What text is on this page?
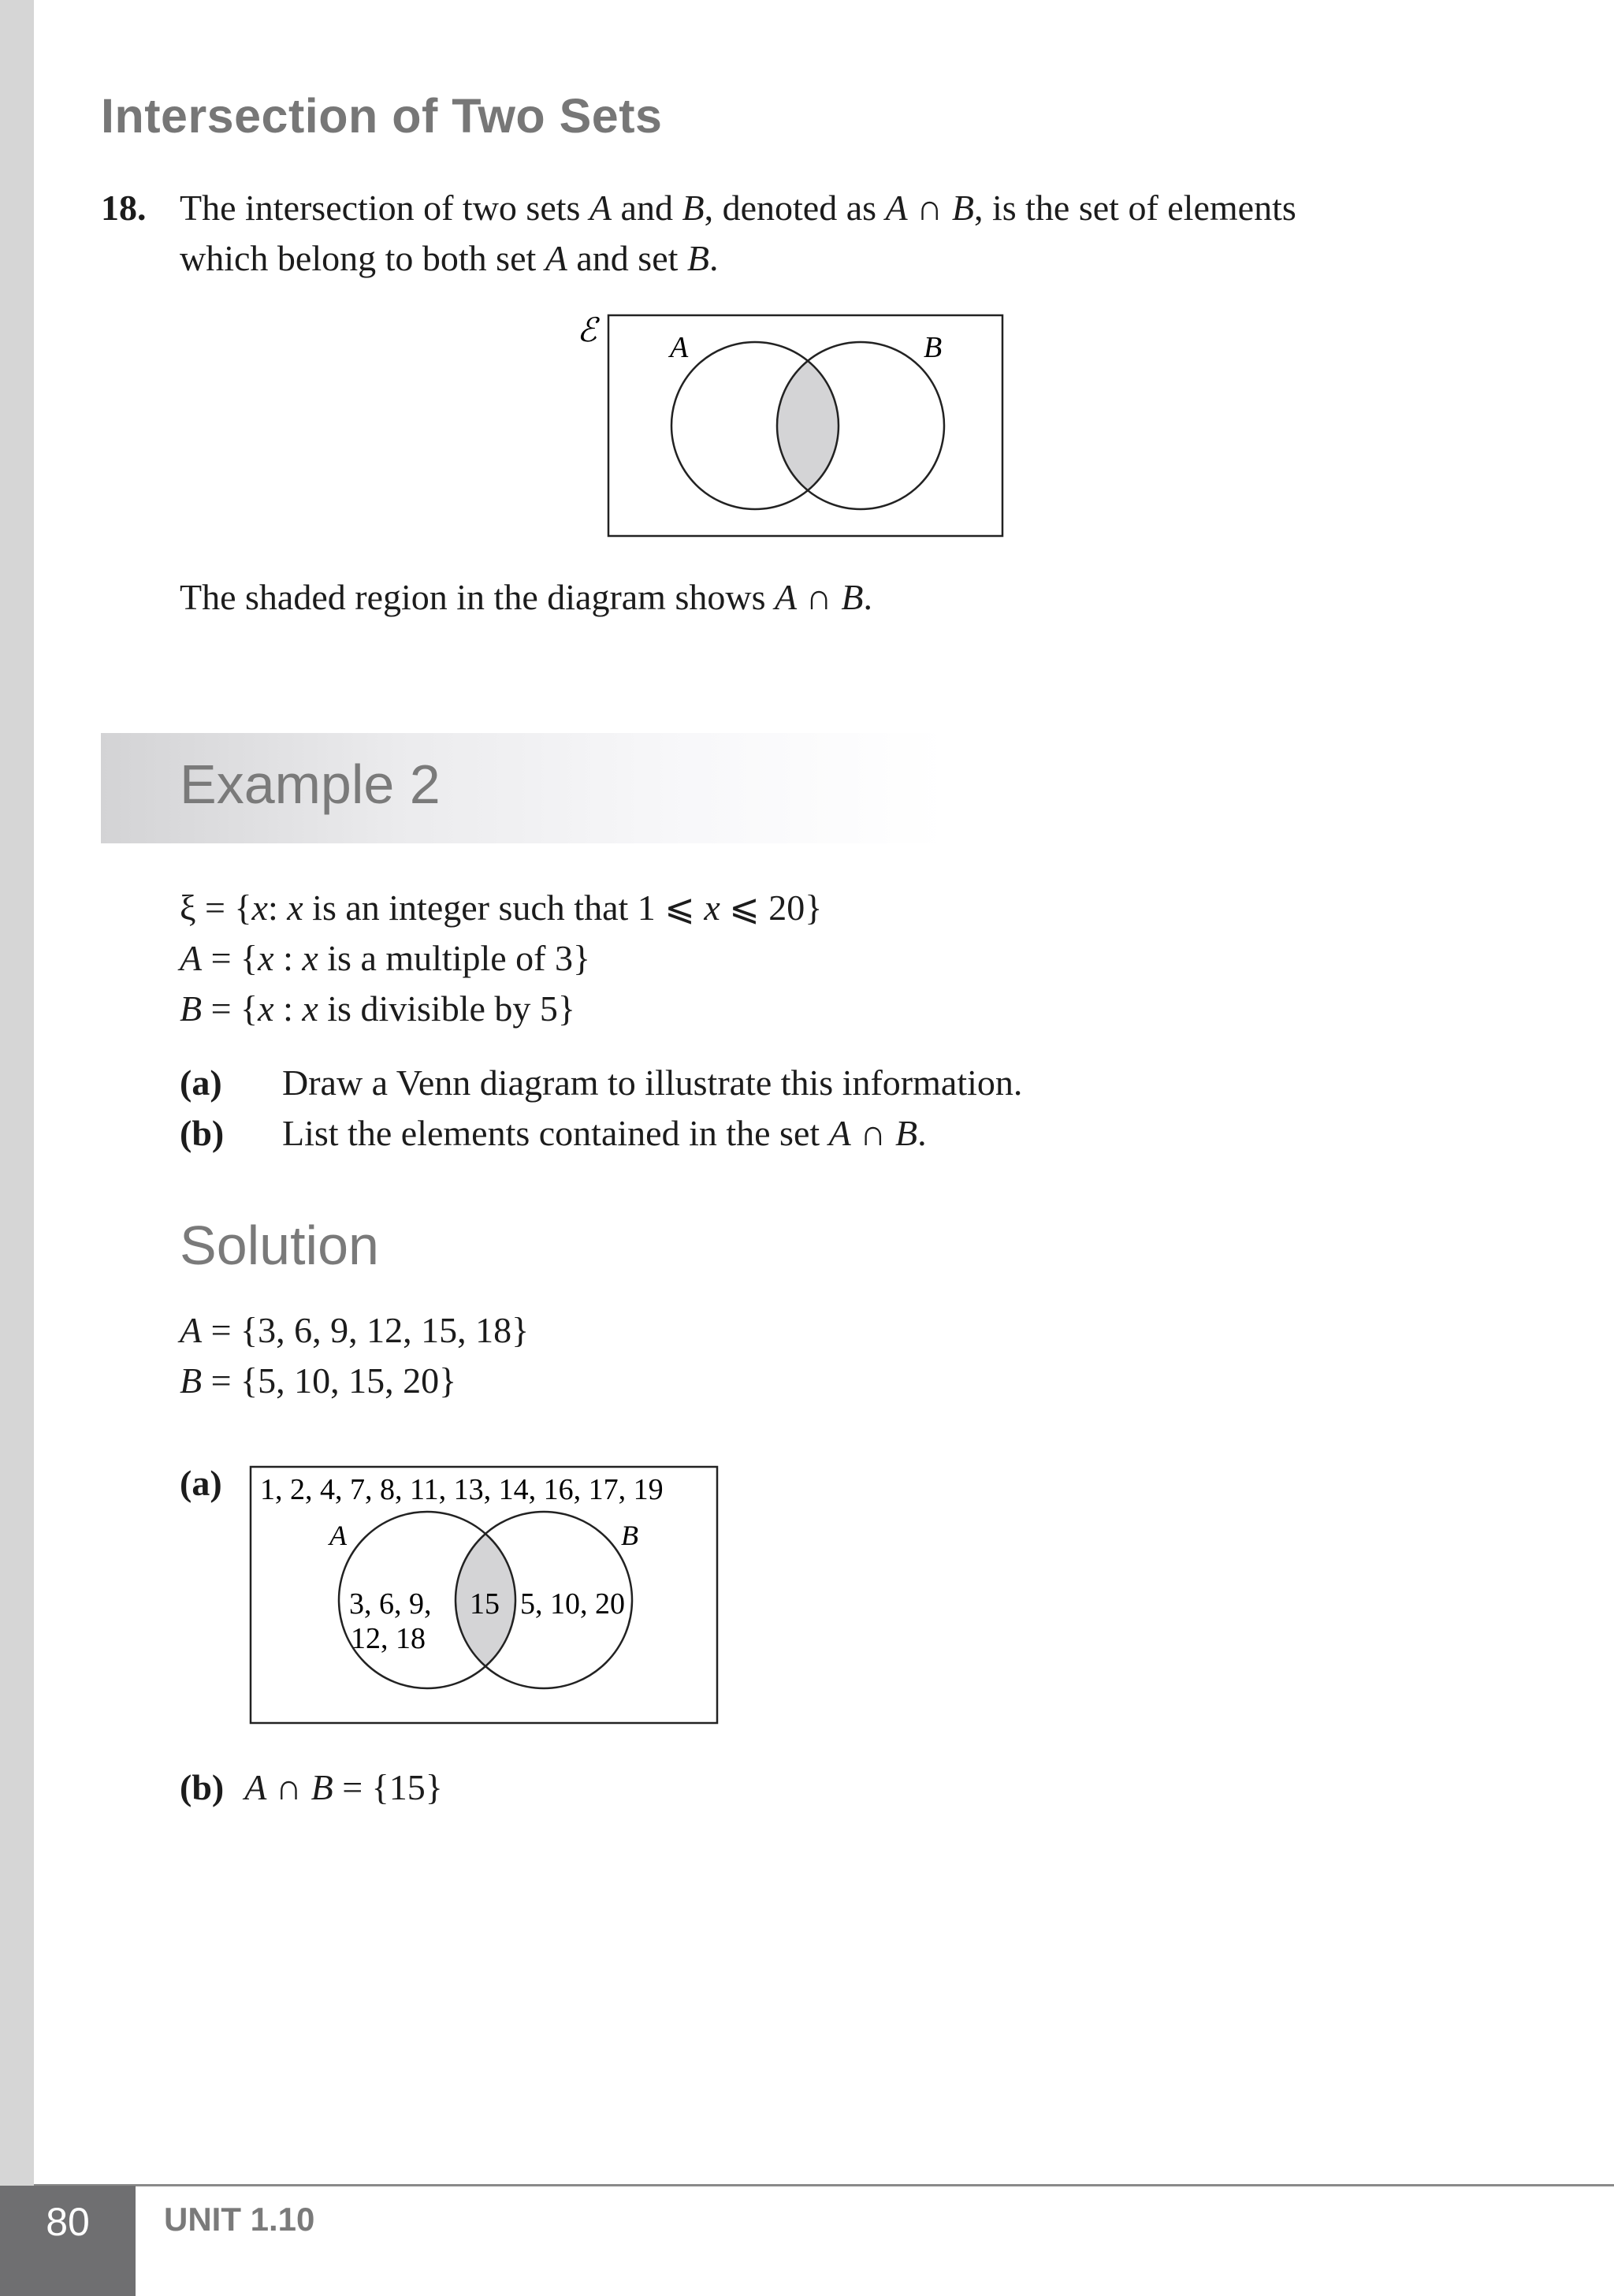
Intersection of Two Sets
18. The intersection of two sets A and B, denoted as A ∩ B, is the set of elements
which belong to both set A and set B.
ℰ A	B
The shaded region in the diagram shows A ∩ B.
Example 2
ξ = {x: x is an integer such that 1 ⩽ x ⩽ 20}
A = {x : x is a multiple of 3}
B = {x : x is divisible by 5}
(a) Draw a Venn diagram to illustrate this information.
(b) List the elements contained in the set A ∩ B.
Solution
A = {3, 6, 9, 12, 15, 18}
B = {5, 10, 15, 20}
(a) 1, 2, 4, 7, 8, 11, 13, 14, 16, 17, 19
A	B
3, 6, 9,
12, 18
15 5, 10, 20
(b) A ∩ B = {15}
80	UNIT 1.10
